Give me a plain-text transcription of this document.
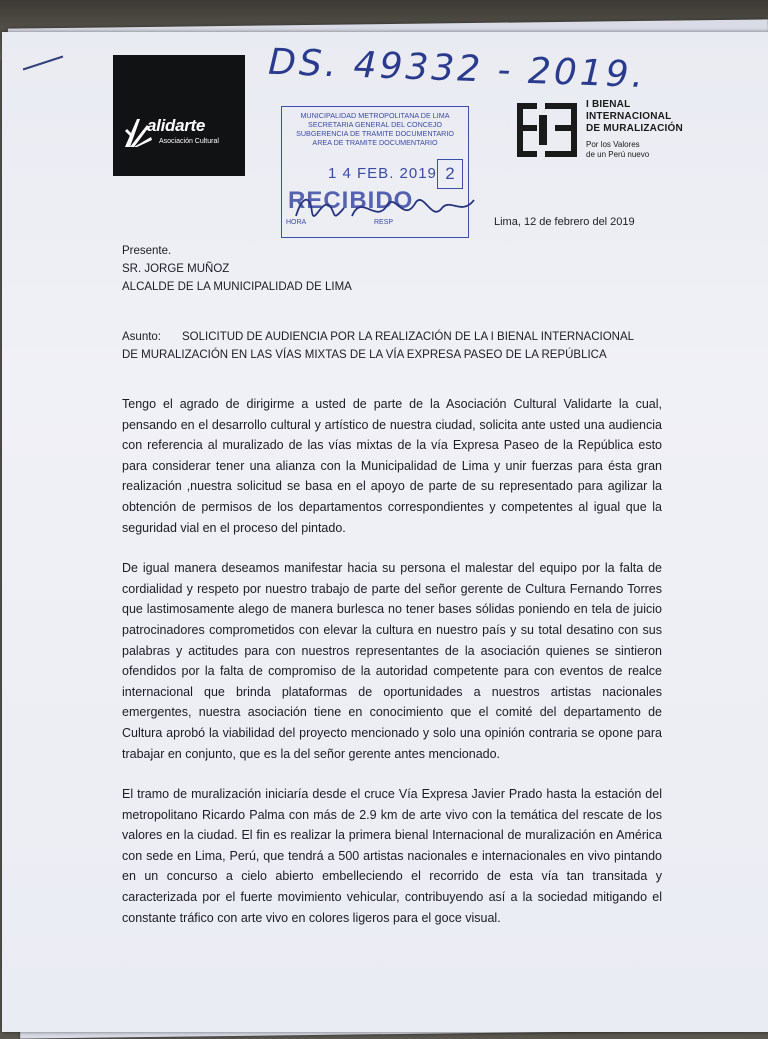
alidarte
Asociación Cultural
DS. 49332 - 2019.
MUNICIPALIDAD METROPOLITANA DE LIMA
SECRETARIA GENERAL DEL CONCEJO
SUBGERENCIA DE TRAMITE DOCUMENTARIO
AREA DE TRAMITE DOCUMENTARIO
1 4 FEB. 2019 2
RECIBIDO
HORA	RESP
I BIENAL
INTERNACIONAL
DE MURALIZACIÓN
Por los Valores
de un Perú nuevo
Lima, 12 de febrero del 2019
Presente.
SR. JORGE MUÑOZ
ALCALDE DE LA MUNICIPALIDAD DE LIMA
Asunto: SOLICITUD DE AUDIENCIA POR LA REALIZACIÓN DE LA I BIENAL INTERNACIONAL
DE MURALIZACIÓN EN LAS VÍAS MIXTAS DE LA VÍA EXPRESA PASEO DE LA REPÚBLICA

Tengo el agrado de dirigirme a usted de parte de la Asociación Cultural Validarte la cual, pensando en el desarrollo cultural y artístico de nuestra ciudad, solicita ante usted una audiencia con referencia al muralizado de las vías mixtas de la vía Expresa Paseo de la República esto para considerar tener una alianza con la Municipalidad de Lima y unir fuerzas para ésta gran realización ,nuestra solicitud se basa en el apoyo de parte de su representado para agilizar la obtención de permisos de los departamentos correspondientes y competentes al igual que la seguridad vial en el proceso del pintado.

De igual manera deseamos manifestar hacia su persona el malestar del equipo por la falta de cordialidad y respeto por nuestro trabajo de parte del señor gerente de Cultura Fernando Torres que lastimosamente alego de manera burlesca no tener bases sólidas poniendo en tela de juicio patrocinadores comprometidos con elevar la cultura en nuestro país y su total desatino con sus palabras y actitudes para con nuestros representantes de la asociación quienes se sintieron ofendidos por la falta de compromiso de la autoridad competente para con eventos de realce internacional que brinda plataformas de oportunidades a nuestros artistas nacionales emergentes, nuestra asociación tiene en conocimiento que el comité del departamento de Cultura aprobó la viabilidad del proyecto mencionado y solo una opinión contraria se opone para trabajar en conjunto, que es la del señor gerente antes mencionado.

El tramo de muralización iniciaría desde el cruce Vía Expresa Javier Prado hasta la estación del metropolitano Ricardo Palma con más de 2.9 km de arte vivo con la temática del rescate de los valores en la ciudad. El fin es realizar la primera bienal Internacional de muralización en América con sede en Lima, Perú, que tendrá a 500 artistas nacionales e internacionales en vivo pintando en un concurso a cielo abierto embelleciendo el recorrido de esta vía tan transitada y caracterizada por el fuerte movimiento vehicular, contribuyendo así a la sociedad mitigando el constante tráfico con arte vivo en colores ligeros para el goce visual.
